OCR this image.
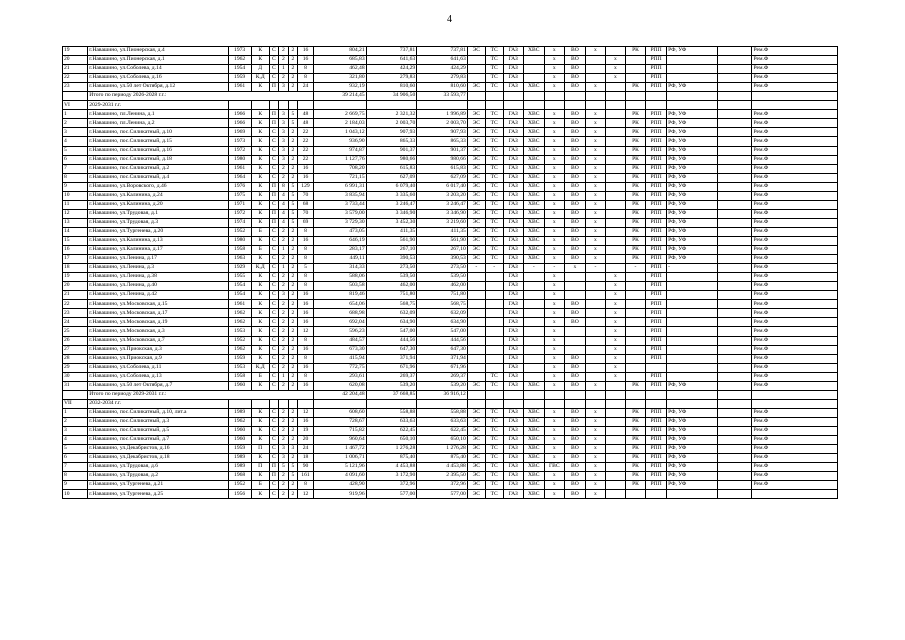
4
19	г.Навашино, ул.Пионерская, д.4	1973	К	С	2	2	16	804,21	737,81	737,81	ЭС	ТС	ГАЗ	ХВС	х	ВО	х		РК	РПП	РФ, УФ		Рем.Ф
20	г.Навашино, ул.Пионерская, д.1	1962	К	С	2	2	16	685,83	641,63	641,63		ТС	ГАЗ		х	ВО		х		РПП			Рем.Ф
21	г.Навашино, ул.Соболева, д.14	1954	Д	С	1	2	8	462,48	424,29	424,29		ТС	ГАЗ		х	ВО		х		РПП			Рем.Ф
22	г.Навашино, ул.Соболева, д.16	1959	К,Д	С	2	2	8	321,80	279,83	279,83		ТС	ГАЗ		х	ВО		х		РПП			Рем.Ф
23	г.Навашино, ул.50 лет Октября, д.12	1961	К	П	3	2	24	932,19	810,60	810,60	ЭС	ТС	ГАЗ	ХВС	х	ВО	х		РК	РПП	РФ, УФ		Рем.Ф
	Итого по периоду 2026-2028 г.г.:							39 214,45	34 906,50	33 593,77													
VI	2029-2031 г.г.																						
1	г.Навашино, пл.Ленина, д.1	1966	К	П	3	5	48	2 669,75	2 321,32	1 996,89	ЭС	ТС	ГАЗ	ХВС	х	ВО	х		РК	РПП	РФ, УФ		Рем.Ф
2	г.Навашино, пл.Ленина, д.2	1966	К	П	3	5	48	2 184,03	2 003,70	2 003,70	ЭС	ТС	ГАЗ	ХВС	х	ВО	х		РК	РПП	РФ, УФ		Рем.Ф
3	г.Навашино, пос.Силикатный, д.10	1969	К	С	3	2	22	1 043,12	907,93	907,93	ЭС	ТС	ГАЗ	ХВС	х	ВО	х		РК	РПП	РФ, УФ		Рем.Ф
4	г.Навашино, пос.Силикатный, д.15	1973	К	С	3	2	22	936,90	865,33	865,33	ЭС	ТС	ГАЗ	ХВС	х	ВО	х		РК	РПП	РФ, УФ		Рем.Ф
5	г.Навашино, пос.Силикатный, д.16	1972	К	С	3	2	22	974,87	901,37	901,37	ЭС	ТС	ГАЗ	ХВС	х	ВО	х		РК	РПП	РФ, УФ		Рем.Ф
6	г.Навашино, пос.Силикатный, д.18	1980	К	С	3	2	22	1 127,76	980,66	980,66	ЭС	ТС	ГАЗ	ХВС	х	ВО	х		РК	РПП	РФ, УФ		Рем.Ф
7	г.Навашино, пос.Силикатный, д.2	1961	К	С	2	2	16	708,20	615,83	615,83	ЭС	ТС	ГАЗ	ХВС	х	ВО	х		РК	РПП	РФ, УФ		Рем.Ф
8	г.Навашино, пос.Силикатный, д.4	1964	К	С	2	2	16	721,15	627,09	627,09	ЭС	ТС	ГАЗ	ХВС	х	ВО	х		РК	РПП	РФ, УФ		Рем.Ф
9	г.Навашино, ул.Воровского, д.46	1976	К	П	8	5	129	6 991,31	6 079,40	6 017,40	ЭС	ТС	ГАЗ	ХВС	х	ВО	х		РК	РПП	РФ, УФ		Рем.Ф
10	г.Навашино, ул.Калинина, д.24	1975	К	П	4	5	70	3 835,94	3 335,60	3 203,20	ЭС	ТС	ГАЗ	ХВС	х	ВО	х		РК	РПП	РФ, УФ		Рем.Ф
11	г.Навашино, ул.Калинина, д.20	1971	К	С	4	5	68	3 733,44	3 246,47	3 246,47	ЭС	ТС	ГАЗ	ХВС	х	ВО	х		РК	РПП	РФ, УФ		Рем.Ф
12	г.Навашино, ул.Трудовая, д.1	1972	К	П	4	5	70	3 579,00	3 346,90	3 346,90	ЭС	ТС	ГАЗ	ХВС	х	ВО	х		РК	РПП	РФ, УФ		Рем.Ф
13	г.Навашино, ул.Трудовая, д.3	1974	К	П	4	5	69	3 729,30	3 452,30	3 219,60	ЭС	ТС	ГАЗ	ХВС	х	ВО	х		РК	РПП	РФ, УФ		Рем.Ф
14	г.Навашино, ул.Тургенева, д.20	1952	Б	С	2	2	8	473,05	411,35	411,35	ЭС	ТС	ГАЗ	ХВС	х	ВО	х		РК	РПП	РФ, УФ		Рем.Ф
15	г.Навашино, ул.Калинина, д.13	1980	К	С	2	2	16	646,19	561,90	561,90	ЭС	ТС	ГАЗ	ХВС	х	ВО	х		РК	РПП	РФ, УФ		Рем.Ф
16	г.Навашино, ул.Калинина, д.17	1958	Б	С	1	2	8	283,17	267,10	267,10	ЭС	ТС	ГАЗ	ХВС	х	ВО	х		РК	РПП	РФ, УФ		Рем.Ф
17	г.Навашино, ул.Ленина, д.17	1963	К	С	2	2	8	449,11	390,53	390,53	ЭС	ТС	ГАЗ	ХВС	х	ВО	х		РК	РПП	РФ, УФ		Рем.Ф
18	г.Навашино, ул.Ленина, д.3	1929	К,Д	С	1	2	5	314,33	273,50	273,50	-	-	ГАЗ	-	-	х	-		-	РПП	-		Рем.Ф
19	г.Навашино, ул.Ленина, д.38	1955	К	С	2	2	8	588,06	539,50	539,50			ГАЗ		х			х		РПП			Рем.Ф
20	г.Навашино, ул.Ленина, д.40	1954	К	С	2	2	8	503,58	462,00	462,00			ГАЗ		х			х		РПП			Рем.Ф
21	г.Навашино, ул.Ленина, д.42	1954	К	С	3	2	16	819,46	751,80	751,80			ГАЗ		х			х		РПП			Рем.Ф
22	г.Навашино, ул.Московская, д.15	1961	К	С	2	2	16	654,06	568,75	568,75			ГАЗ		х	ВО		х		РПП			Рем.Ф
23	г.Навашино, ул.Московская, д.17	1962	К	С	2	2	16	688,98	632,09	632,09			ГАЗ		х	ВО		х		РПП			Рем.Ф
24	г.Навашино, ул.Московская, д.19	1962	К	С	2	2	16	692,04	634,90	634,90			ГАЗ		х	ВО		х		РПП			Рем.Ф
25	г.Навашино, ул.Московская, д.3	1953	К	С	2	2	12	596,23	547,00	547,00			ГАЗ		х			х		РПП			Рем.Ф
26	г.Навашино, ул.Московская, д.7	1952	К	С	2	2	8	484,57	444,56	444,56			ГАЗ		х			х		РПП			Рем.Ф
27	г.Навашино, ул.Приокская, д.3	1962	К	С	2	2	16	673,30	647,30	647,30			ГАЗ		х			х		РПП			Рем.Ф
28	г.Навашино, ул.Приокская, д.9	1959	К	С	2	2	8	415,94	371,94	371,94			ГАЗ		х	ВО		х		РПП			Рем.Ф
29	г.Навашино, ул.Соболева, д.11	1953	К,Д	С	2	2	16	772,75	671,96	671,96			ГАЗ		х	ВО		х					Рем.Ф
30	г.Навашино, ул.Соболева, д.13	1958	Б	С	1	2	8	293,61	269,37	269,37		ТС	ГАЗ		х	ВО		х		РПП			Рем.Ф
31	г.Навашино, ул.50 лет Октября, д.7	1960	К	С	2	2	16	620,08	539,20	539,20	ЭС	ТС	ГАЗ	ХВС	х	ВО	х		РК	РПП	РФ, УФ		Рем.Ф
	Итого по периоду 2029-2031 г.г.:							42 204,48	37 668,85	36 916,12													
VII	2032-2034 г.г.																						
1	г.Навашино, пос.Силикатный, д.10, лит.а	1989	К	С	2	2	12	608,60	558,88	558,88	ЭС	ТС	ГАЗ	ХВС	х	ВО	х		РК	РПП	РФ, УФ		Рем.Ф
2	г.Навашино, пос.Силикатный, д.3	1962	К	С	2	2	16	728,67	633,63	633,63	ЭС	ТС	ГАЗ	ХВС	х	ВО	х		РК	РПП	РФ, УФ		Рем.Ф
3	г.Навашино, пос.Силикатный, д.5	1960	К	С	2	2	19	715,82	622,45	622,45	ЭС	ТС	ГАЗ	ХВС	х	ВО	х		РК	РПП	РФ, УФ		Рем.Ф
4	г.Навашино, пос.Силикатный, д.7	1960	К	С	2	2	20	960,64	650,10	650,10	ЭС	ТС	ГАЗ	ХВС	х	ВО	х		РК	РПП	РФ, УФ		Рем.Ф
5	г.Навашино, ул.Декабристов, д.16	1959	П	С	3	3	24	1 467,72	1 276,28	1 276,28	ЭС	ТС	ГАЗ	ХВС	х	ВО	х		РК	РПП	РФ, УФ		Рем.Ф
6	г.Навашино, ул.Декабристов, д.18	1989	К	С	3	2	18	1 006,71	875,40	875,40	ЭС	ТС	ГАЗ	ХВС	х	ВО	х		РК	РПП	РФ, УФ		Рем.Ф
7	г.Навашино, ул.Трудовая, д.6	1989	П	П	5	5	90	5 121,96	4 453,88	4 453,88	ЭС	ТС	ГАЗ	ХВС	ГВС	ВО	х		РК	РПП	РФ, УФ		Рем.Ф
8	г.Навашино, ул.Трудовая, д.2	1968	К	П	2	5	161	4 091,60	3 172,90	2 395,50	ЭС	ТС	ГАЗ	ХВС	х	ВО	х		РК	РПП	РФ, УФ		Рем.Ф
9	г.Навашино, ул.Тургенева, д.21	1952	Б	С	2	2	8	428,90	372,96	372,96	ЭС	ТС	ГАЗ	ХВС	х	ВО	х		РК	РПП	РФ, УФ		Рем.Ф
10	г.Навашино, ул.Тургенева, д.25	1956	К	С	2	2	12	919,96	577,00	577,00	ЭС	ТС	ГАЗ	ХВС	х	ВО	х						
